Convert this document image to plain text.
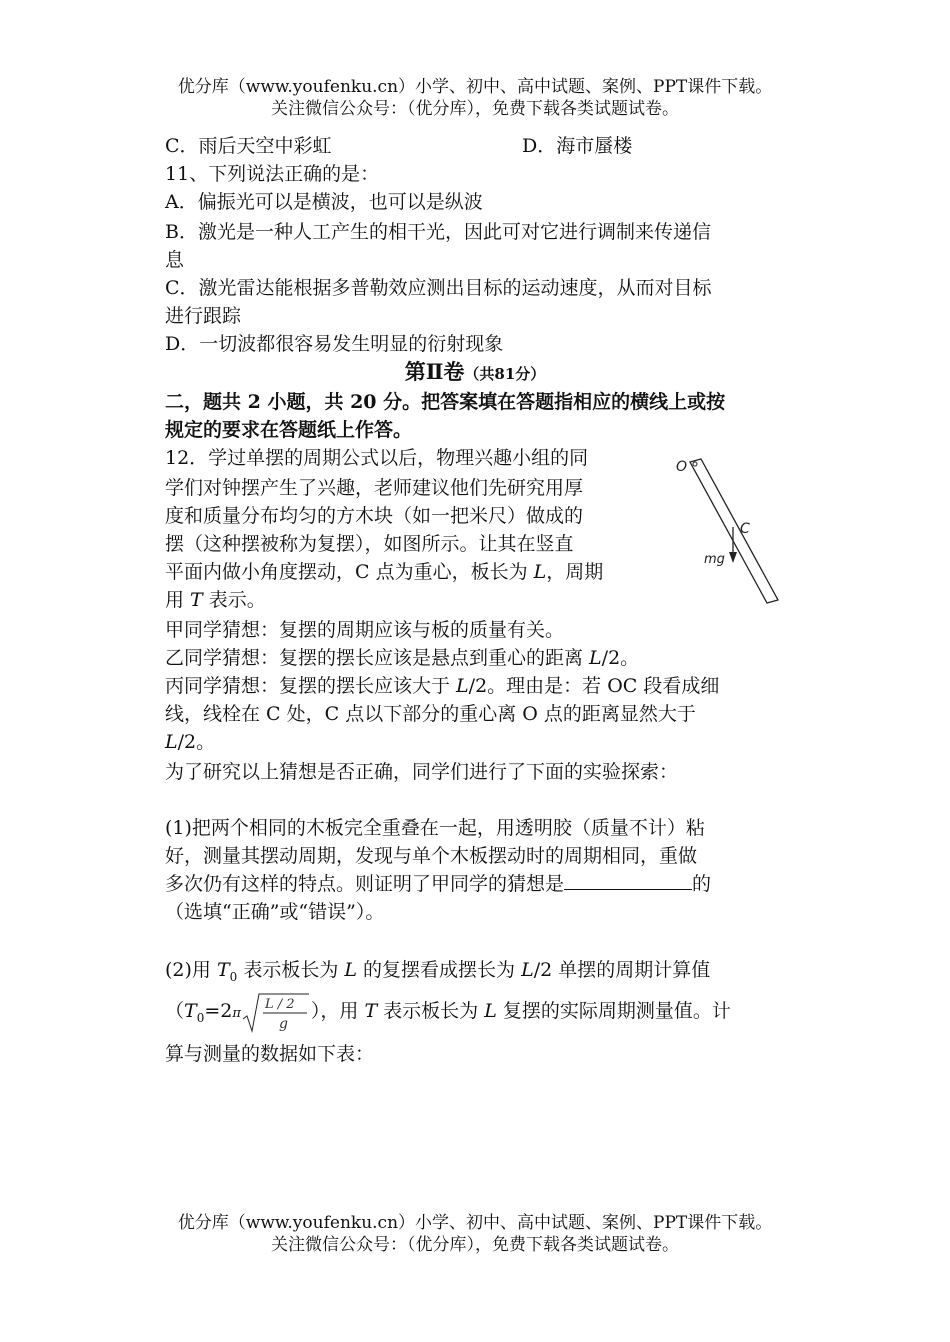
优分库（www.youfenku.cn）小学、初中、高中试题、案例、PPT课件下载。
关注微信公众号：（优分库），免费下载各类试题试卷。
C．雨后天空中彩虹	D．海市蜃楼
11、下列说法正确的是：
A．偏振光可以是横波，也可以是纵波
B．激光是一种人工产生的相干光，因此可对它进行调制来传递信
息
C．激光雷达能根据多普勒效应测出目标的运动速度，从而对目标
进行跟踪
D．一切波都很容易发生明显的衍射现象
第Ⅱ卷（共81分）
二，题共 2 小题，共 20 分。把答案填在答题指相应的横线上或按
规定的要求在答题纸上作答。
12．学过单摆的周期公式以后，物理兴趣小组的同
学们对钟摆产生了兴趣，老师建议他们先研究用厚
度和质量分布均匀的方木块（如一把米尺）做成的
摆（这种摆被称为复摆），如图所示。让其在竖直
平面内做小角度摆动，C 点为重心，板长为 L，周期
用 T 表示。
O
C
mg
甲同学猜想：复摆的周期应该与板的质量有关。
乙同学猜想：复摆的摆长应该是悬点到重心的距离 L/2。
丙同学猜想：复摆的摆长应该大于 L/2。理由是：若 OC 段看成细
线，线栓在 C 处，C 点以下部分的重心离 O 点的距离显然大于
L/2。
为了研究以上猜想是否正确，同学们进行了下面的实验探索：
(1)把两个相同的木板完全重叠在一起，用透明胶（质量不计）粘
好，测量其摆动周期，发现与单个木板摆动时的周期相同，重做
多次仍有这样的特点。则证明了甲同学的猜想是	的
（选填“正确”或“错误”）。
(2)用 $T_0$ 表示板长为 L 的复摆看成摆长为 L/2 单摆的周期计算值
（$T_0=2\pi$
L / 2
g
），用 T 表示板长为 L 复摆的实际周期测量值。计
算与测量的数据如下表：
优分库（www.youfenku.cn）小学、初中、高中试题、案例、PPT课件下载。
关注微信公众号：（优分库），免费下载各类试题试卷。
